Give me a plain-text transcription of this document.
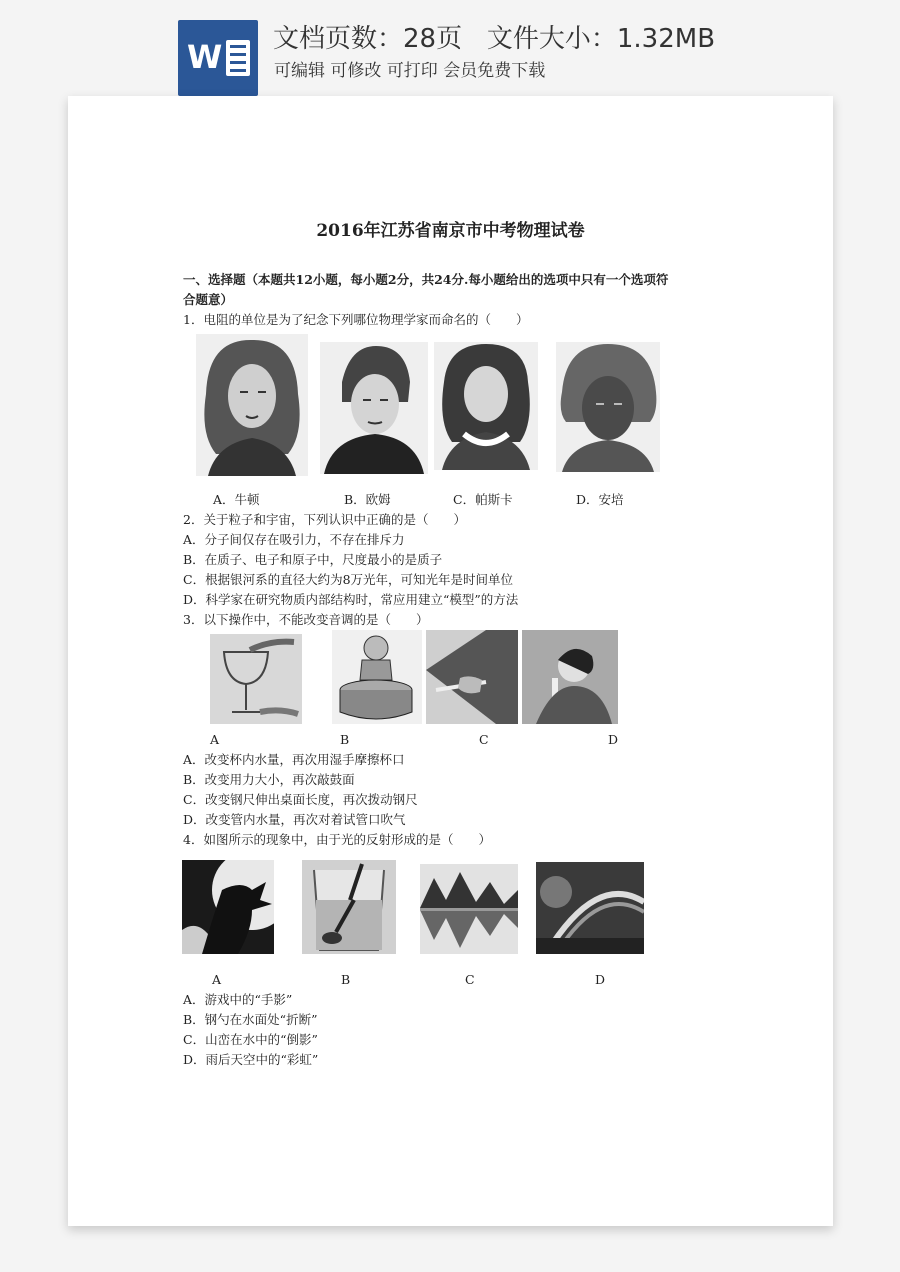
W 文档页数：28页   文件大小：1.32MB
可编辑 可修改 可打印 会员免费下载
2016年江苏省南京市中考物理试卷
一、选择题（本题共12小题，每小题2分，共24分.每小题给出的选项中只有一个选项符
合题意）
1．电阻的单位是为了纪念下列哪位物理学家而命名的（　　）
A．牛顿	B．欧姆	C．帕斯卡	D．安培
2．关于粒子和宇宙，下列认识中正确的是（　　）
A．分子间仅存在吸引力，不存在排斥力
B．在质子、电子和原子中，尺度最小的是质子
C．根据银河系的直径大约为8万光年，可知光年是时间单位
D．科学家在研究物质内部结构时，常应用建立“模型”的方法
3．以下操作中，不能改变音调的是（　　）
A	B	C	D
A．改变杯内水量，再次用湿手摩擦杯口
B．改变用力大小，再次敲鼓面
C．改变钢尺伸出桌面长度，再次拨动钢尺
D．改变管内水量，再次对着试管口吹气
4．如图所示的现象中，由于光的反射形成的是（　　）
A	B	C	D
A．游戏中的“手影”
B．钢勺在水面处“折断”
C．山峦在水中的“倒影”
D．雨后天空中的“彩虹”
